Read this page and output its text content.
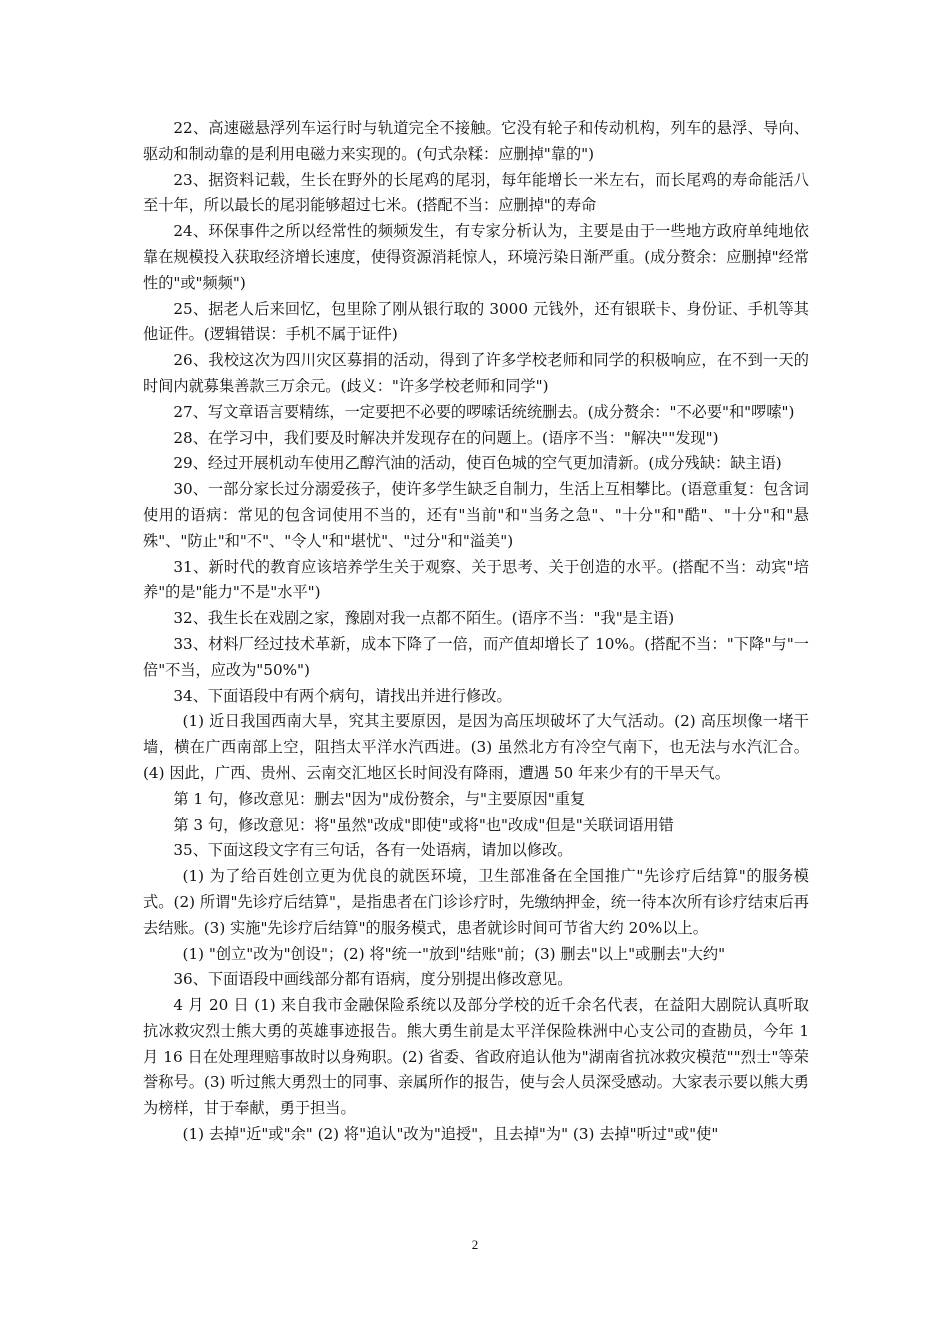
22、高速磁悬浮列车运行时与轨道完全不接触。它没有轮子和传动机构，列车的悬浮、导向、驱动和制动靠的是利用电磁力来实现的。(句式杂糅：应删掉"靠的")

23、据资料记载，生长在野外的长尾鸡的尾羽，每年能增长一米左右，而长尾鸡的寿命能活八至十年，所以最长的尾羽能够超过七米。(搭配不当：应删掉"的寿命

24、环保事件之所以经常性的频频发生，有专家分析认为，主要是由于一些地方政府单纯地依靠在规模投入获取经济增长速度，使得资源消耗惊人，环境污染日渐严重。(成分赘余：应删掉"经常性的"或"频频")

25、据老人后来回忆，包里除了刚从银行取的 3000 元钱外，还有银联卡、身份证、手机等其他证件。(逻辑错误：手机不属于证件)

26、我校这次为四川灾区募捐的活动，得到了许多学校老师和同学的积极响应，在不到一天的时间内就募集善款三万余元。(歧义："许多学校老师和同学")

27、写文章语言要精练，一定要把不必要的啰嗦话统统删去。(成分赘余："不必要"和"啰嗦")

28、在学习中，我们要及时解决并发现存在的问题上。(语序不当："解决""发现")

29、经过开展机动车使用乙醇汽油的活动，使百色城的空气更加清新。(成分残缺：缺主语)

30、一部分家长过分溺爱孩子，使许多学生缺乏自制力，生活上互相攀比。(语意重复：包含词使用的语病：常见的包含词使用不当的，还有"当前"和"当务之急"、"十分"和"酷"、"十分"和"悬殊"、"防止"和"不"、"令人"和"堪忧"、"过分"和"溢美")

31、新时代的教育应该培养学生关于观察、关于思考、关于创造的水平。(搭配不当：动宾"培养"的是"能力"不是"水平")

32、我生长在戏剧之家，豫剧对我一点都不陌生。(语序不当："我"是主语)

33、材料厂经过技术革新，成本下降了一倍，而产值却增长了 10%。(搭配不当："下降"与"一倍"不当，应改为"50%")

34、下面语段中有两个病句，请找出并进行修改。

(1) 近日我国西南大旱，究其主要原因，是因为高压坝破坏了大气活动。(2) 高压坝像一堵干墙，横在广西南部上空，阻挡太平洋水汽西进。(3) 虽然北方有冷空气南下，也无法与水汽汇合。(4) 因此，广西、贵州、云南交汇地区长时间没有降雨，遭遇 50 年来少有的干旱天气。

第 1 句，修改意见：删去"因为"成份赘余，与"主要原因"重复

第 3 句，修改意见：将"虽然"改成"即使"或将"也"改成"但是"关联词语用错

35、下面这段文字有三句话，各有一处语病，请加以修改。

(1) 为了给百姓创立更为优良的就医环境，卫生部准备在全国推广"先诊疗后结算"的服务模式。(2) 所谓"先诊疗后结算"，是指患者在门诊诊疗时，先缴纳押金，统一待本次所有诊疗结束后再去结账。(3) 实施"先诊疗后结算"的服务模式，患者就诊时间可节省大约 20%以上。

(1) "创立"改为"创设"；(2) 将"统一"放到"结账"前；(3) 删去"以上"或删去"大约"

36、下面语段中画线部分都有语病，度分别提出修改意见。

4 月 20 日 (1) 来自我市金融保险系统以及部分学校的近千余名代表，在益阳大剧院认真听取抗冰救灾烈士熊大勇的英雄事迹报告。熊大勇生前是太平洋保险株洲中心支公司的查勘员，今年 1 月 16 日在处理理赔事故时以身殉职。(2) 省委、省政府追认他为"湖南省抗冰救灾模范""烈士"等荣誉称号。(3) 听过熊大勇烈士的同事、亲属所作的报告，使与会人员深受感动。大家表示要以熊大勇为榜样，甘于奉献，勇于担当。

(1) 去掉"近"或"余" (2) 将"追认"改为"追授"，且去掉"为" (3) 去掉"听过"或"使"

2
